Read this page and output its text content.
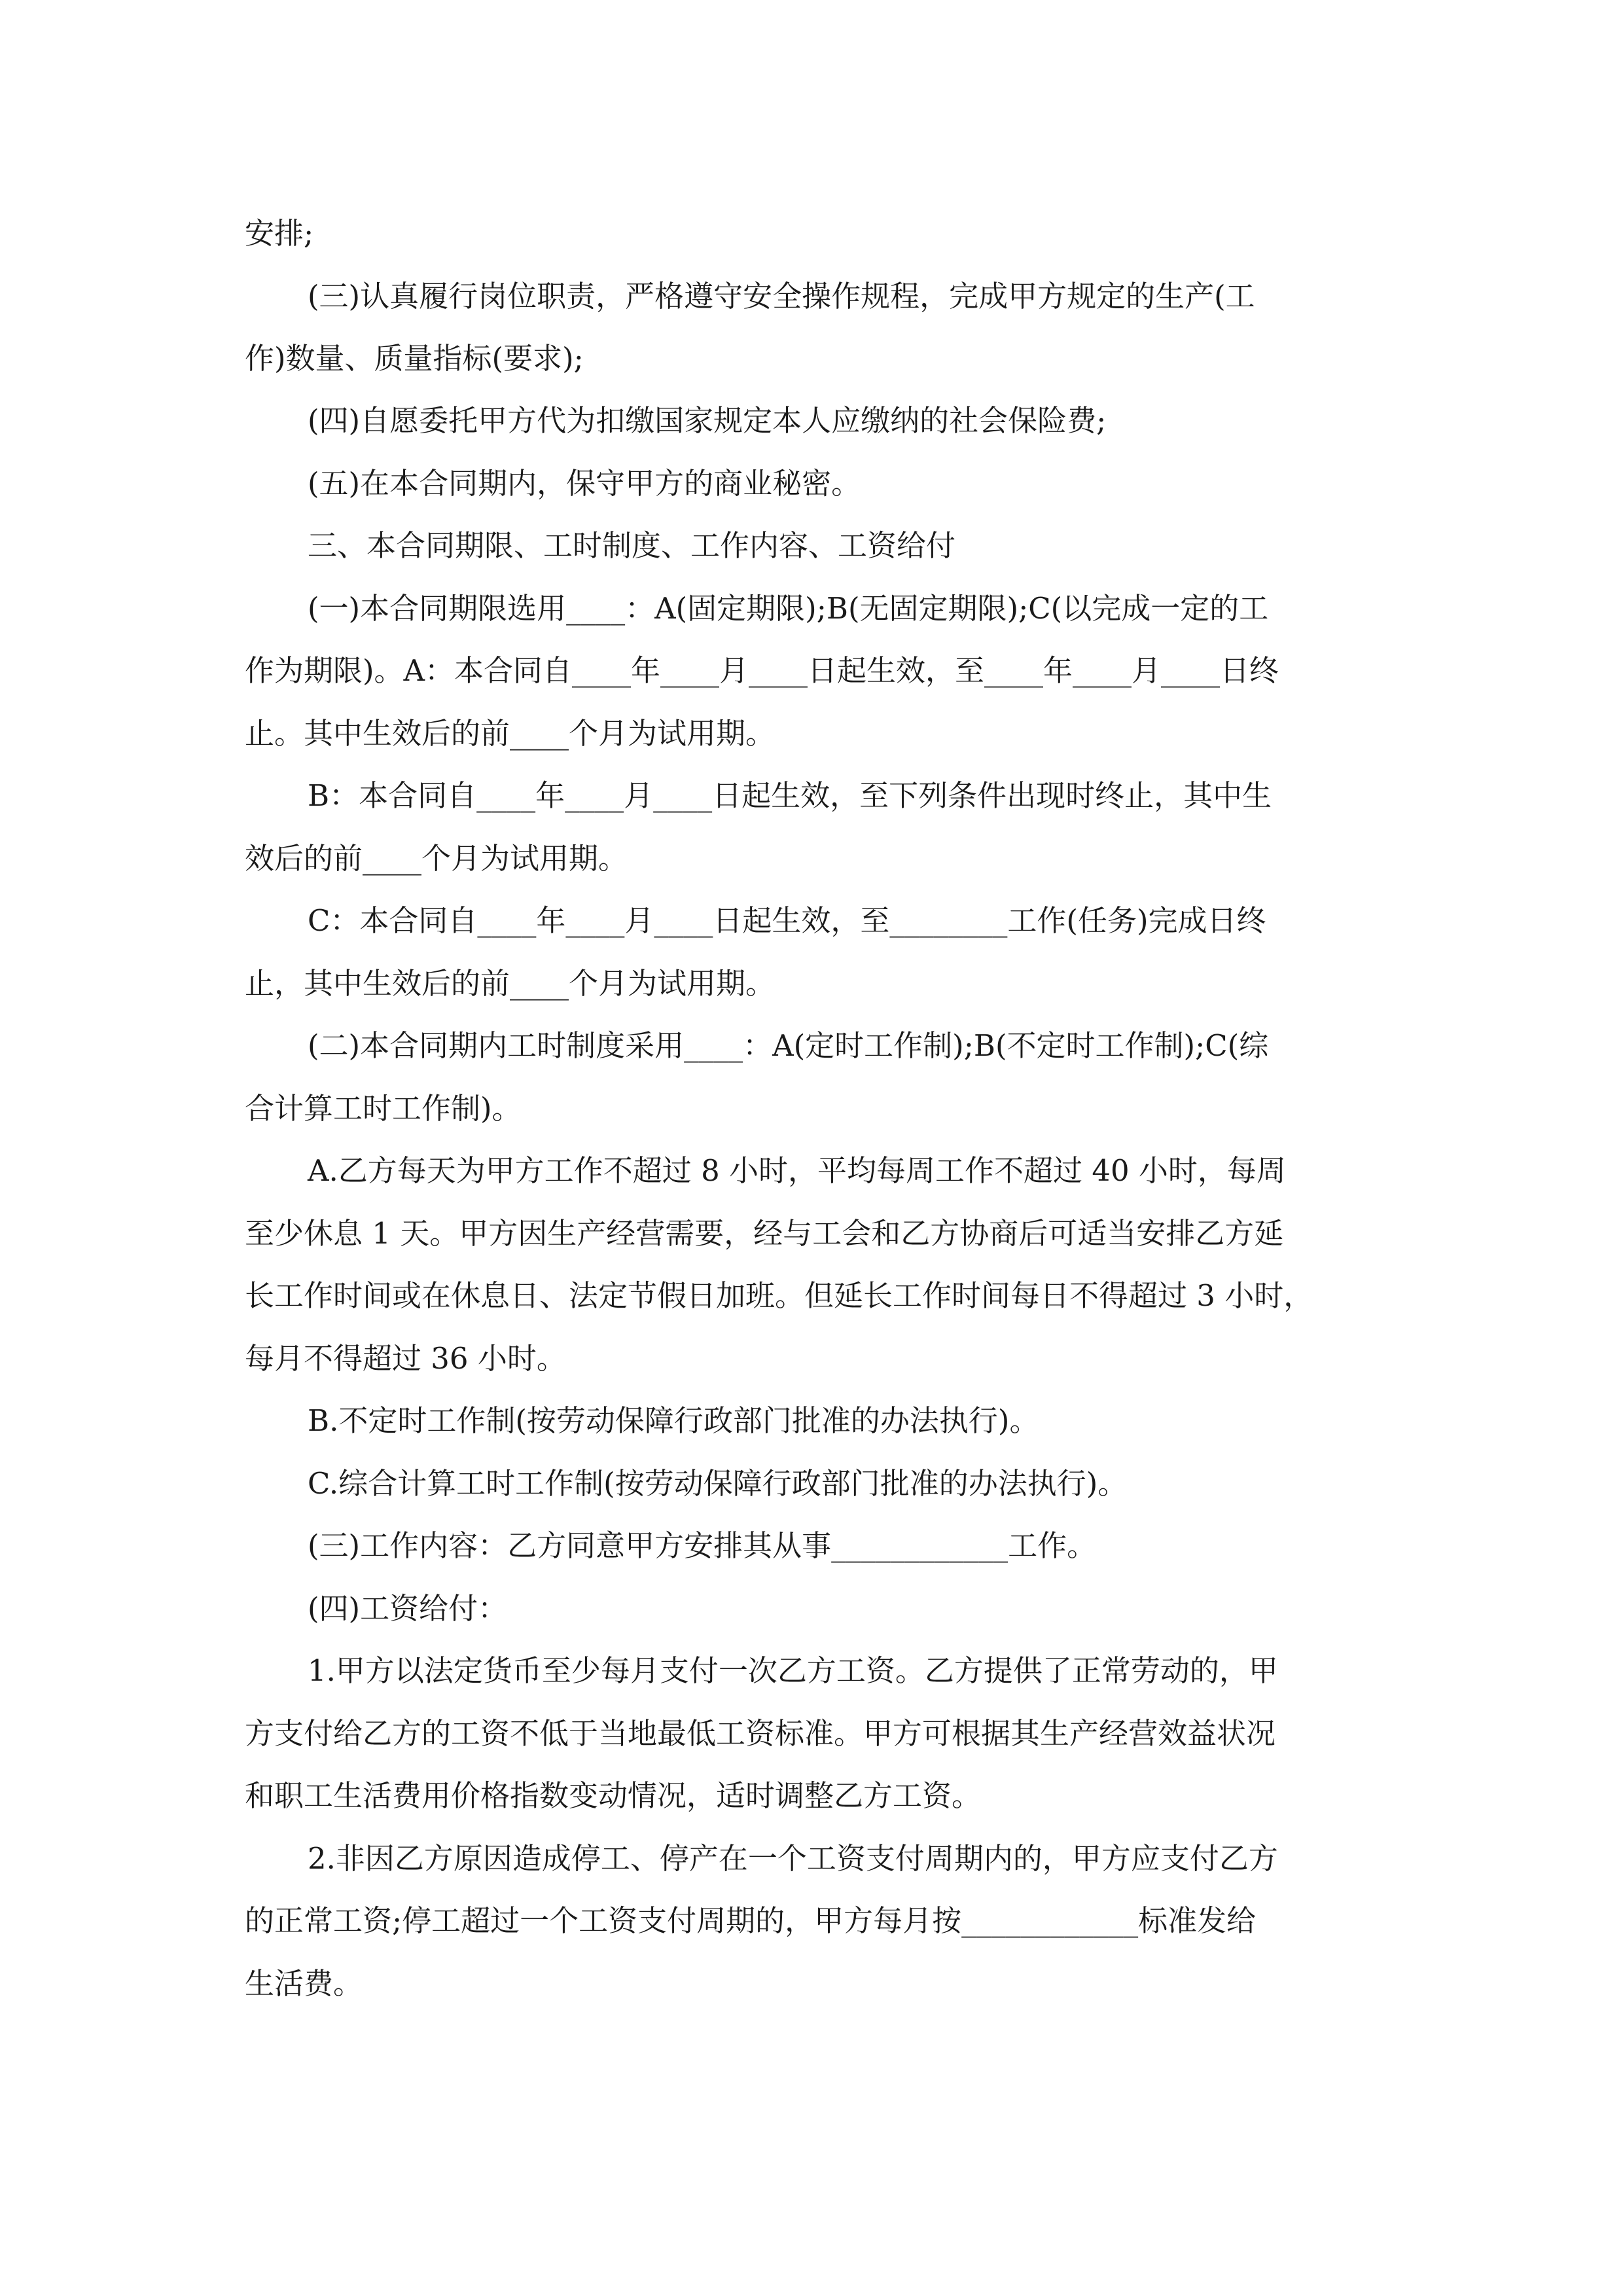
安排;
(三)认真履行岗位职责，严格遵守安全操作规程，完成甲方规定的生产(工
作)数量、质量指标(要求);
(四)自愿委托甲方代为扣缴国家规定本人应缴纳的社会保险费;
(五)在本合同期内，保守甲方的商业秘密。
三、本合同期限、工时制度、工作内容、工资给付
(一)本合同期限选用____：A(固定期限);B(无固定期限);C(以完成一定的工
作为期限)。A：本合同自____年____月____日起生效，至____年____月____日终
止。其中生效后的前____个月为试用期。
B：本合同自____年____月____日起生效，至下列条件出现时终止，其中生
效后的前____个月为试用期。
C：本合同自____年____月____日起生效，至________工作(任务)完成日终
止，其中生效后的前____个月为试用期。
(二)本合同期内工时制度采用____：A(定时工作制);B(不定时工作制);C(综
合计算工时工作制)。
A.乙方每天为甲方工作不超过 8 小时，平均每周工作不超过 40 小时，每周
至少休息 1 天。甲方因生产经营需要，经与工会和乙方协商后可适当安排乙方延
长工作时间或在休息日、法定节假日加班。但延长工作时间每日不得超过 3 小时，
每月不得超过 36 小时。
B.不定时工作制(按劳动保障行政部门批准的办法执行)。
C.综合计算工时工作制(按劳动保障行政部门批准的办法执行)。
(三)工作内容：乙方同意甲方安排其从事____________工作。
(四)工资给付：
1.甲方以法定货币至少每月支付一次乙方工资。乙方提供了正常劳动的，甲
方支付给乙方的工资不低于当地最低工资标准。甲方可根据其生产经营效益状况
和职工生活费用价格指数变动情况，适时调整乙方工资。
2.非因乙方原因造成停工、停产在一个工资支付周期内的，甲方应支付乙方
的正常工资;停工超过一个工资支付周期的，甲方每月按____________标准发给
生活费。
